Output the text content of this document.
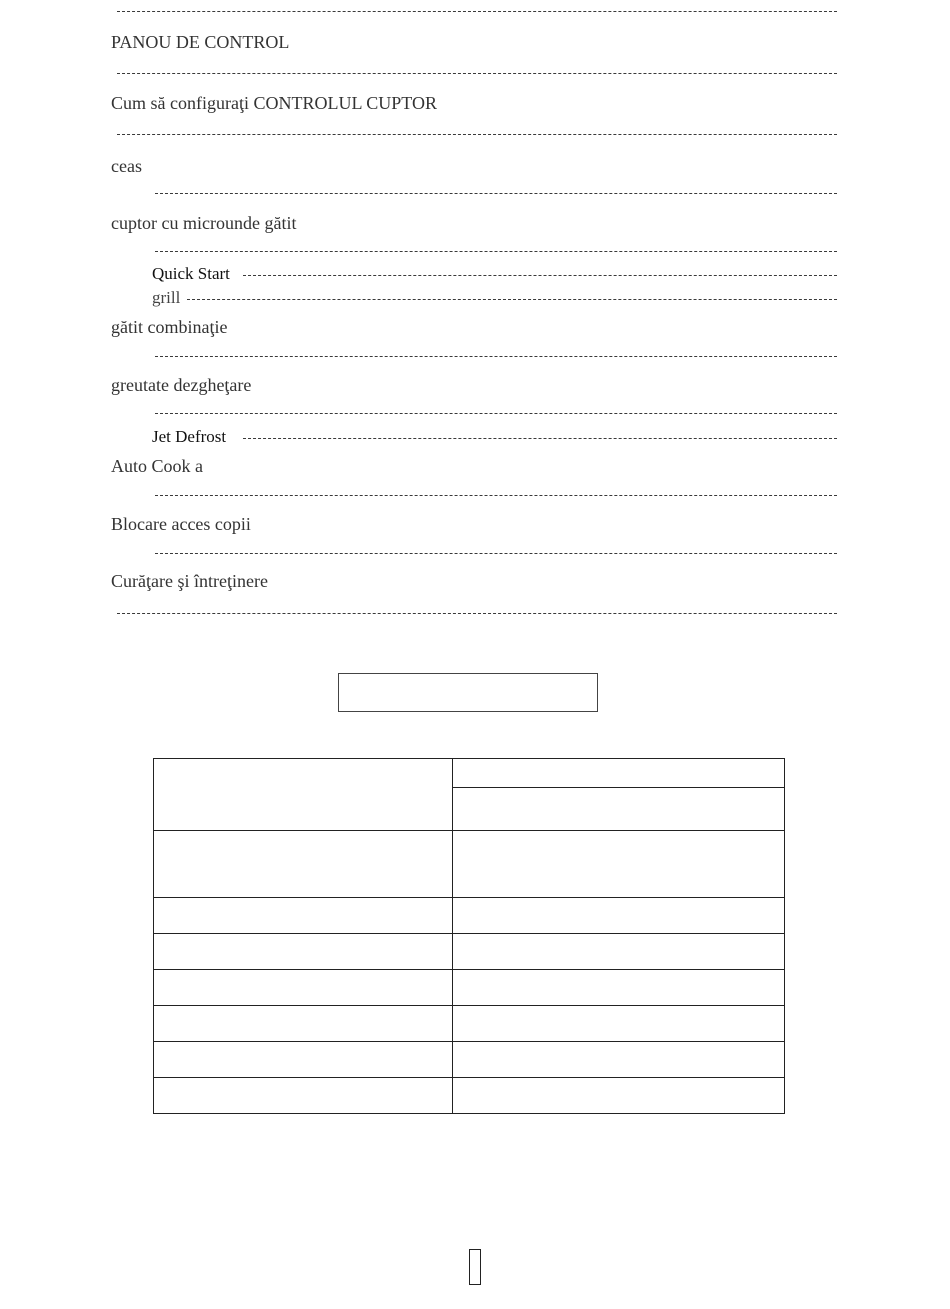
PANOU DE CONTROL
Cum să configuraţi CONTROLUL CUPTOR
ceas
cuptor cu microunde gătit
Quick Start
grill
gătit combinaţie
greutate dezgheţare
Jet Defrost
Auto Cook a
Blocare acces copii
Curăţare şi întreţinere
